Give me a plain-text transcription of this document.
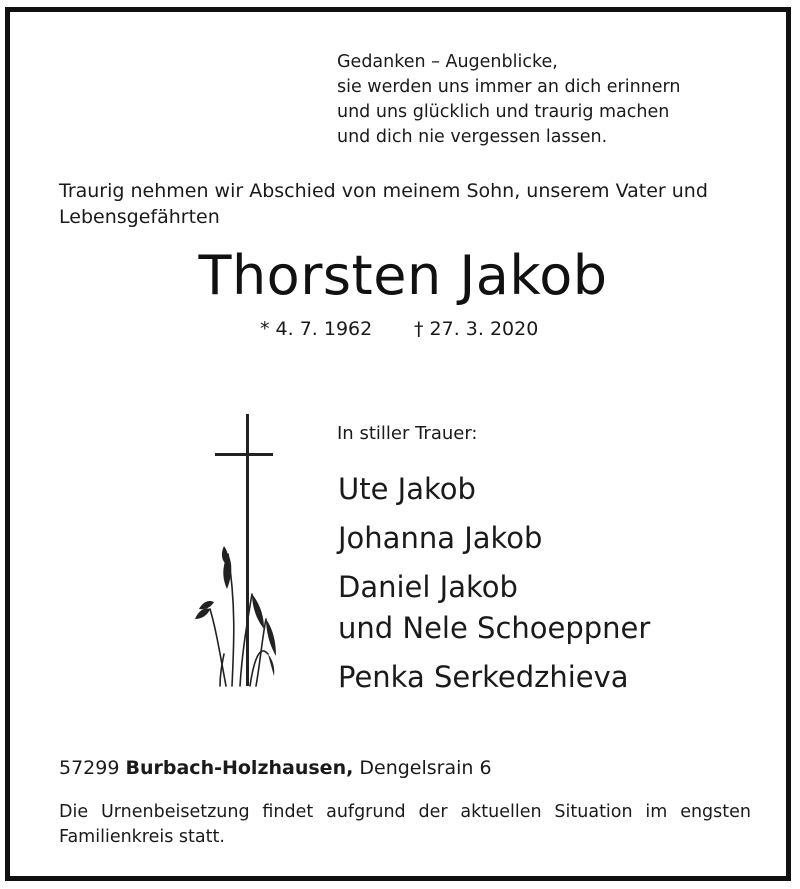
Gedanken – Augenblicke,
sie werden uns immer an dich erinnern
und uns glücklich und traurig machen
und dich nie vergessen lassen.
Traurig nehmen wir Abschied von meinem Sohn, unserem Vater und Lebensgefährten
Thorsten Jakob
* 4. 7. 1962 † 27. 3. 2020
In stiller Trauer:
Ute Jakob
Johanna Jakob
Daniel Jakob
und Nele Schoeppner
Penka Serkedzhieva
57299 Burbach-Holzhausen, Dengelsrain 6
Die Urnenbeisetzung findet aufgrund der aktuellen Situation im engsten Familienkreis statt.
